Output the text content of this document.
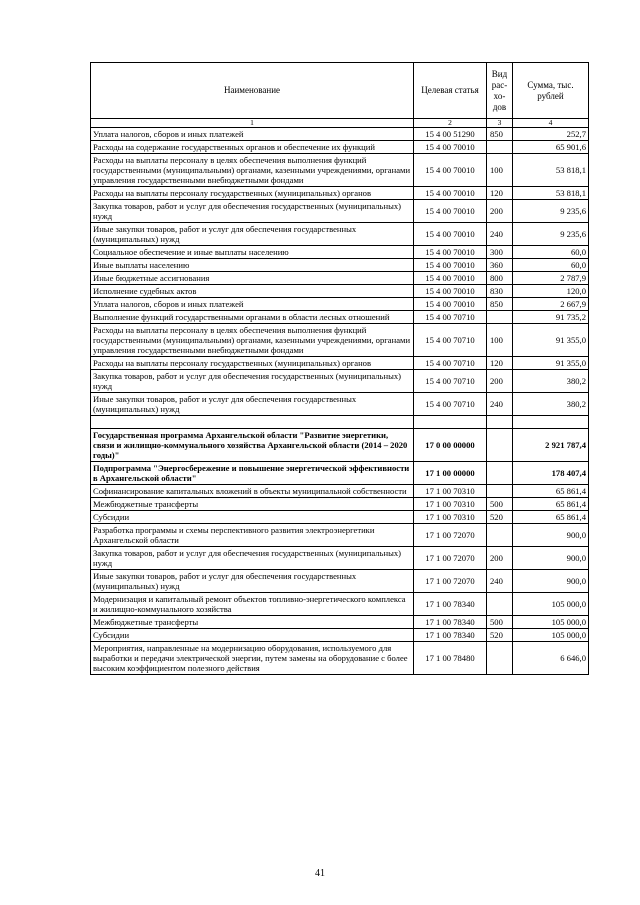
Наименование	Целевая статья	Вид рас- хо- дов	Сумма, тыс. рублей
1	2	3	4
Уплата налогов, сборов и иных платежей	15 4 00 51290	850	252,7
Расходы на содержание государственных органов и обеспечение их функций	15 4 00 70010		65 901,6
Расходы на выплаты персоналу в целях обеспечения выполнения функций государственными (муниципальными) органами, казенными учреждениями, органами управления государственными внебюджетными фондами	15 4 00 70010	100	53 818,1
Расходы на выплаты персоналу государственных (муниципальных) органов	15 4 00 70010	120	53 818,1
Закупка товаров, работ и услуг для обеспечения государственных (муниципальных) нужд	15 4 00 70010	200	9 235,6
Иные закупки товаров, работ и услуг для обеспечения государственных (муниципальных) нужд	15 4 00 70010	240	9 235,6
Социальное обеспечение и иные выплаты населению	15 4 00 70010	300	60,0
Иные выплаты населению	15 4 00 70010	360	60,0
Иные бюджетные ассигнования	15 4 00 70010	800	2 787,9
Исполнение судебных актов	15 4 00 70010	830	120,0
Уплата налогов, сборов и иных платежей	15 4 00 70010	850	2 667,9
Выполнение функций государственными органами в области лесных отношений	15 4 00 70710		91 735,2
Расходы на выплаты персоналу в целях обеспечения выполнения функций государственными (муниципальными) органами, казенными учреждениями, органами управления государственными внебюджетными фондами	15 4 00 70710	100	91 355,0
Расходы на выплаты персоналу государственных (муниципальных) органов	15 4 00 70710	120	91 355,0
Закупка товаров, работ и услуг для обеспечения государственных (муниципальных) нужд	15 4 00 70710	200	380,2
Иные закупки товаров, работ и услуг для обеспечения государственных (муниципальных) нужд	15 4 00 70710	240	380,2

Государственная программа Архангельской области "Развитие энергетики, связи и жилищно-коммунального хозяйства Архангельской области (2014 – 2020 годы)"	17 0 00 00000		2 921 787,4
Подпрограмма "Энергосбережение и повышение энергетической эффективности в Архангельской области"	17 1 00 00000		178 407,4
Софинансирование капитальных вложений в объекты муниципальной собственности	17 1 00 70310		65 861,4
Межбюджетные трансферты	17 1 00 70310	500	65 861,4
Субсидии	17 1 00 70310	520	65 861,4
Разработка программы и схемы перспективного развития электроэнергетики Архангельской области	17 1 00 72070		900,0
Закупка товаров, работ и услуг для обеспечения государственных (муниципальных) нужд	17 1 00 72070	200	900,0
Иные закупки товаров, работ и услуг для обеспечения государственных (муниципальных) нужд	17 1 00 72070	240	900,0
Модернизация и капитальный ремонт объектов топливно-энергетического комплекса и жилищно-коммунального хозяйства	17 1 00 78340		105 000,0
Межбюджетные трансферты	17 1 00 78340	500	105 000,0
Субсидии	17 1 00 78340	520	105 000,0
Мероприятия, направленные на модернизацию оборудования, используемого для выработки и передачи электрической энергии, путем замены на оборудование с более высоким коэффициентом полезного действия	17 1 00 78480		6 646,0
41
